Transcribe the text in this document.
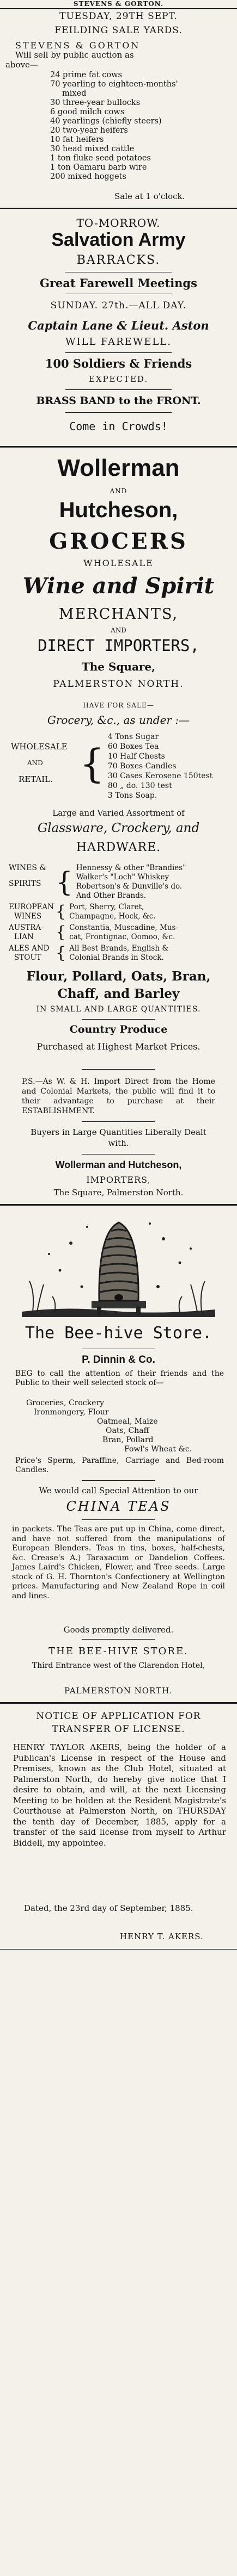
STEVENS & GORTON.
TUESDAY, 29TH SEPT.
FEILDING SALE YARDS.
STEVENS & GORTON
Will sell by public auction as
above—
24 prime fat cows
70 yearling to eighteen-months'
mixed
30 three-year bullocks
6 good milch cows
40 yearlings (chiefly steers)
20 two-year heifers
10 fat heifers
30 head mixed cattle
1 ton fluke seed potatoes
1 ton Oamaru barb wire
200 mixed hoggets
Sale at 1 o'clock.
TO-MORROW.
Salvation Army
BARRACKS.
Great Farewell Meetings
SUNDAY. 27th.—ALL DAY.
Captain Lane & Lieut. Aston
WILL FAREWELL.
100 Soldiers & Friends
EXPECTED.
BRASS BAND to the FRONT.
Come in Crowds!
Wollerman
AND
Hutcheson,
GROCERS
WHOLESALE
Wine and Spirit
MERCHANTS,
AND
DIRECT IMPORTERS,
The Square,
PALMERSTON NORTH.
HAVE FOR SALE—
Grocery, &c., as under :—
WHOLESALE
AND
RETAIL. {
4 Tons Sugar
60 Boxes Tea
10 Half Chests
70 Boxes Candles
30 Cases Kerosene 150test
80 „ do. 130 test
3 Tons Soap.
Large and Varied Assortment of
Glassware, Crockery, and
HARDWARE.
WINES &
SPIRITS { Hennessy & other "Brandies"
Walker's "Loch" Whiskey
Robertson's & Dunville's do.
And Other Brands.
EUROPEAN
WINES { Port, Sherry, Claret,
Champagne, Hock, &c.
AUSTRA-
LIAN	{ Constantia, Muscadine, Mus-
cat, Frontignac, Oomoo, &c.
ALES AND
STOUT { All Best Brands, English &
Colonial Brands in Stock.
Flour, Pollard, Oats, Bran,
Chaff, and Barley
IN SMALL AND LARGE QUANTITIES.
Country Produce
Purchased at Highest Market Prices.
P.S.—As W. & H. Import Direct from the Home and Colonial Markets, the public will find it to their advantage to purchase at their ESTABLISHMENT.
Buyers in Large Quantities Liberally Dealt with.
Wollerman and Hutcheson,
IMPORTERS,
The Square, Palmerston North.
The Bee-hive Store.
P. Dinnin & Co.
BEG to call the attention of their friends and the Public to their well selected stock of—
Groceries, Crockery
Ironmongery, Flour
Oatmeal, Maize
Oats, Chaff
Bran, Pollard
Fowl's Wheat &c.
Price's Sperm, Paraffine, Carriage and Bed-room Candles.
We would call Special Attention to our
CHINA TEAS
in packets. The Teas are put up in China, come direct, and have not suffered from the manipulations of European Blenders. Teas in tins, boxes, half-chests, &c. Crease's A.) Taraxacum or Dandelion Coffees. James Laird's Chicken, Flower, and Tree seeds. Large stock of G. H. Thornton's Confectionery at Wellington prices. Manufacturing and New Zealand Rope in coil and lines.
Goods promptly delivered.
THE BEE-HIVE STORE.
Third Entrance west of the Clarendon Hotel,
PALMERSTON NORTH.
NOTICE OF APPLICATION FOR
TRANSFER OF LICENSE.
HENRY TAYLOR AKERS, being the holder of a Publican's License in respect of the House and Premises, known as the Club Hotel, situated at Palmerston North, do hereby give notice that I desire to obtain, and will, at the next Licensing Meeting to be holden at the Resident Magistrate's Courthouse at Palmerston North, on THURSDAY the tenth day of December, 1885, apply for a transfer of the said license from myself to Arthur Biddell, my appointee.
Dated, the 23rd day of September, 1885.
HENRY T. AKERS.
